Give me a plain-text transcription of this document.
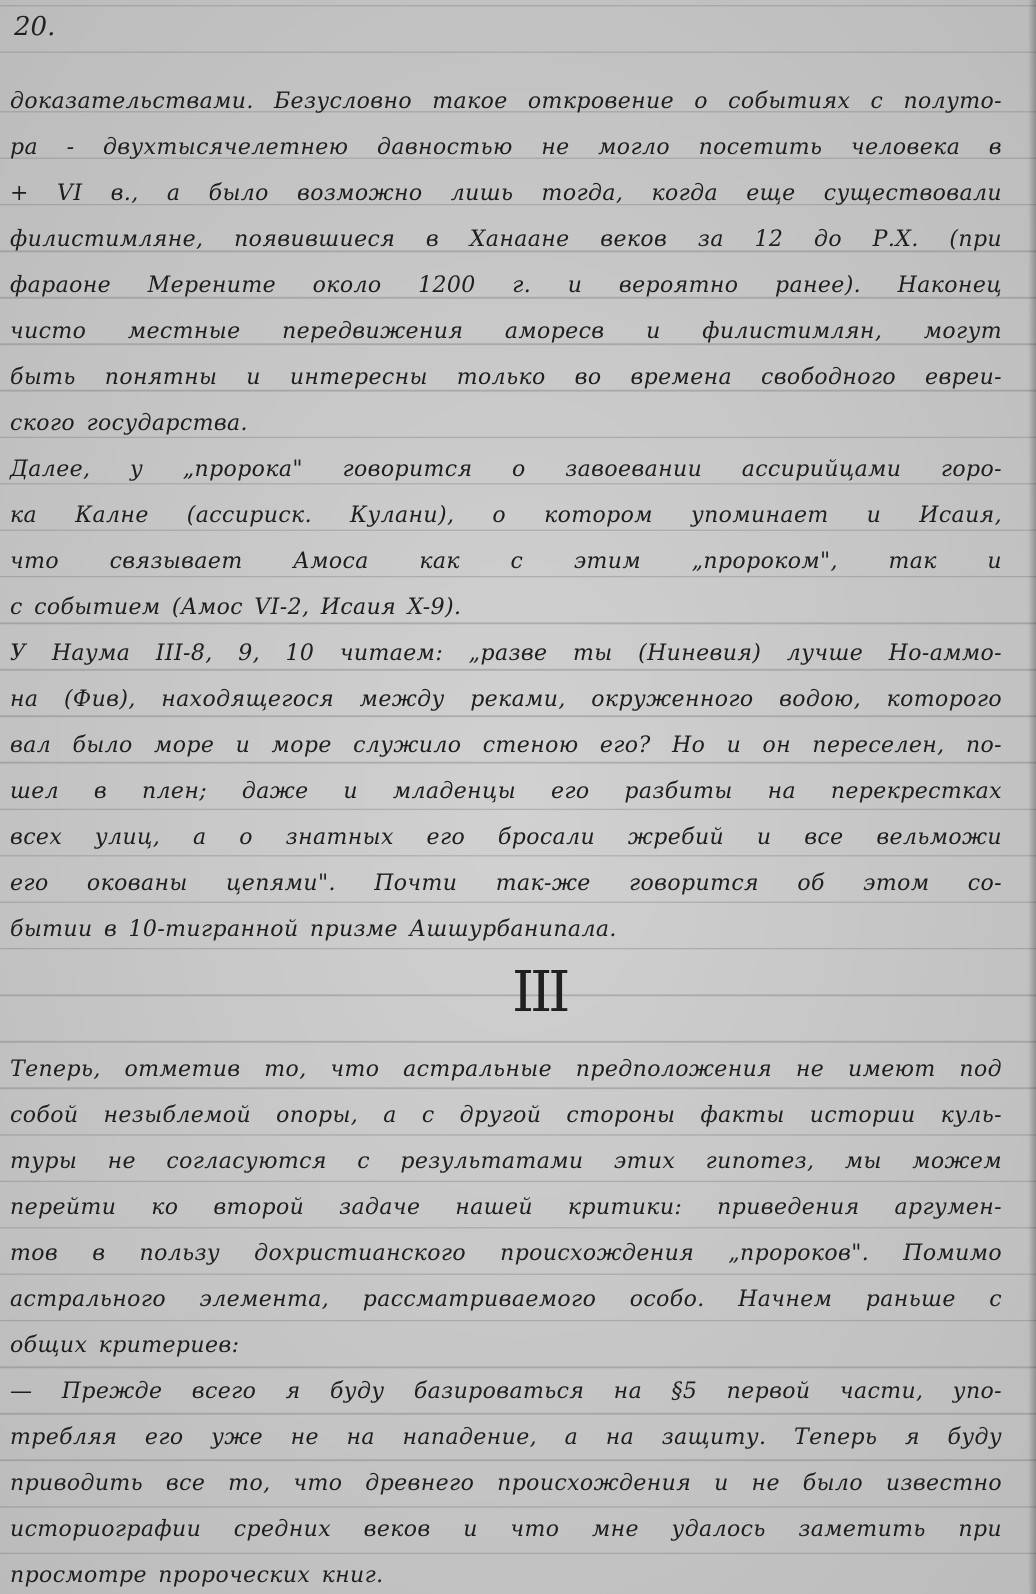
20.
доказательствами. Безусловно такое откровение о событиях с полуто-
ра - двухтысячелетнею давностью не могло посетить человека в
+ VI в., а было возможно лишь тогда, когда еще существовали
филистимляне, появившиеся в Ханаане веков за 12 до Р.Х. (при
фараоне Мерените около 1200 г. и вероятно ранее). Наконец
чисто местные передвижения аморесв и филистимлян, могут
быть понятны и интересны только во времена свободного евреи-
ского государства.
Далее, у „пророка" говорится о завоевании ассирийцами горо-
ка Калне (ассириск. Кулани), о котором упоминает и Исаия,
что связывает Амоса как с этим „пророком", так и
с событием (Амос VI-2, Исаия X-9).
У Наума III-8, 9, 10 читаем: „разве ты (Ниневия) лучше Но-аммо-
на (Фив), находящегося между реками, окруженного водою, которого
вал было море и море служило стеною его? Но и он переселен, по-
шел в плен; даже и младенцы его разбиты на перекрестках
всех улиц, а о знатных его бросали жребий и все вельможи
его окованы цепями". Почти так-же говорится об этом со-
бытии в 10-тигранной призме Ашшурбанипала.
III
Теперь, отметив то, что астральные предположения не имеют под
собой незыблемой опоры, а с другой стороны факты истории куль-
туры не согласуются с результатами этих гипотез, мы можем
перейти ко второй задаче нашей критики: приведения аргумен-
тов в пользу дохристианского происхождения „пророков". Помимо
астрального элемента, рассматриваемого особо. Начнем раньше с
общих критериев:
— Прежде всего я буду базироваться на §5 первой части, упо-
требляя его уже не на нападение, а на защиту. Теперь я буду
приводить все то, что древнего происхождения и не было известно
историографии средних веков и что мне удалось заметить при
просмотре пророческих книг.
